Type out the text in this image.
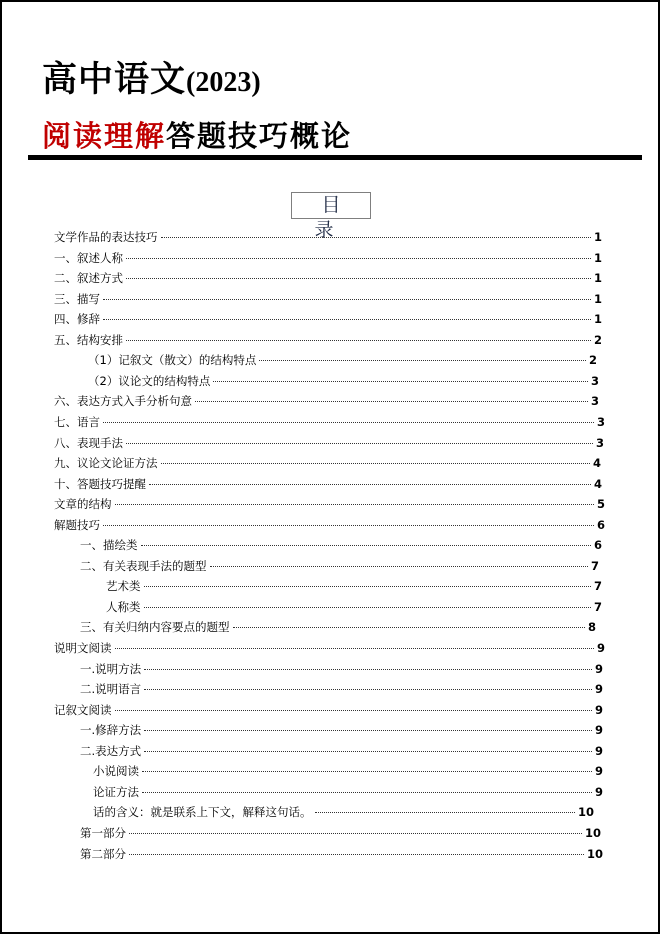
高中语文(2023)
阅读理解答题技巧概论
目 录
文学作品的表达技巧	1
一、叙述人称	1
二、叙述方式	1
三、描写	1
四、修辞	1
五、结构安排	2
（1）记叙文（散文）的结构特点	2
（2）议论文的结构特点	3
六、表达方式入手分析句意	3
七、语言	3
八、表现手法	3
九、议论文论证方法	4
十、答题技巧提醒	4
文章的结构	5
解题技巧	6
一、描绘类	6
二、有关表现手法的题型	7
艺术类	7
人称类	7
三、有关归纳内容要点的题型	8
说明文阅读	9
一.说明方法	9
二.说明语言	9
记叙文阅读	9
一.修辞方法	9
二.表达方式	9
小说阅读	9
论证方法	9
话的含义：就是联系上下文，解释这句话。	10
第一部分	10
第二部分	10
